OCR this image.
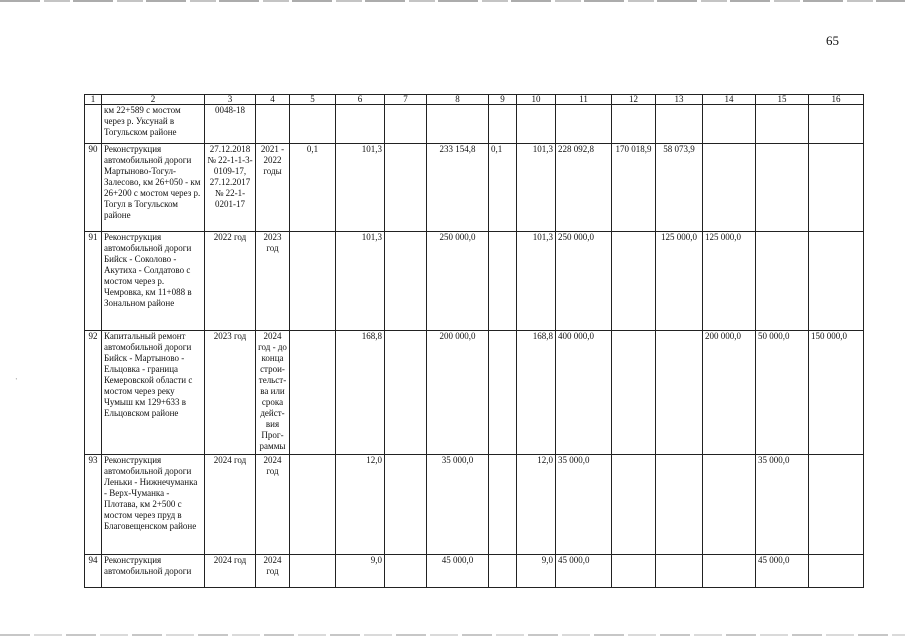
65
˙
1	2	3	4	5	6	7	8	9	10	11	12	13	14	15	16
	км 22+589 с мостом через р. Уксунай в Тогульском районе	0048-18													
90	Реконструкция автомобильной дороги Мартыново-Тогул-Залесово, км 26+050 - км 26+200 с мостом через р. Тогул в Тогульском районе	27.12.2018 № 22-1-1-3-0109-17, 27.12.2017 № 22-1-0201-17	2021 - 2022 годы	0,1	101,3		233 154,8	0,1	101,3	228 092,8	170 018,9	58 073,9			
91	Реконструкция автомобильной дороги Бийск - Соколово - Акутиха - Солдатово с мостом через р. Чемровка, км 11+088 в Зональном районе	2022 год	2023 год		101,3		250 000,0		101,3	250 000,0		125 000,0	125 000,0		
92	Капитальный ремонт автомобильной дороги Бийск - Мартыново - Ельцовка - граница Кемеровской области с мостом через реку Чумыш км 129+633 в Ельцовском районе	2023 год	2024 год - до конца строи-тельст-ва или срока дейст-вия Прог-раммы		168,8		200 000,0		168,8	400 000,0			200 000,0	50 000,0	150 000,0
93	Реконструкция автомобильной дороги Леньки - Нижнечуманка - Верх-Чуманка - Плотава, км 2+500 с мостом через пруд в Благовещенском районе	2024 год	2024 год		12,0		35 000,0		12,0	35 000,0				35 000,0	
94	Реконструкция автомобильной дороги	2024 год	2024 год		9,0		45 000,0		9,0	45 000,0				45 000,0	
